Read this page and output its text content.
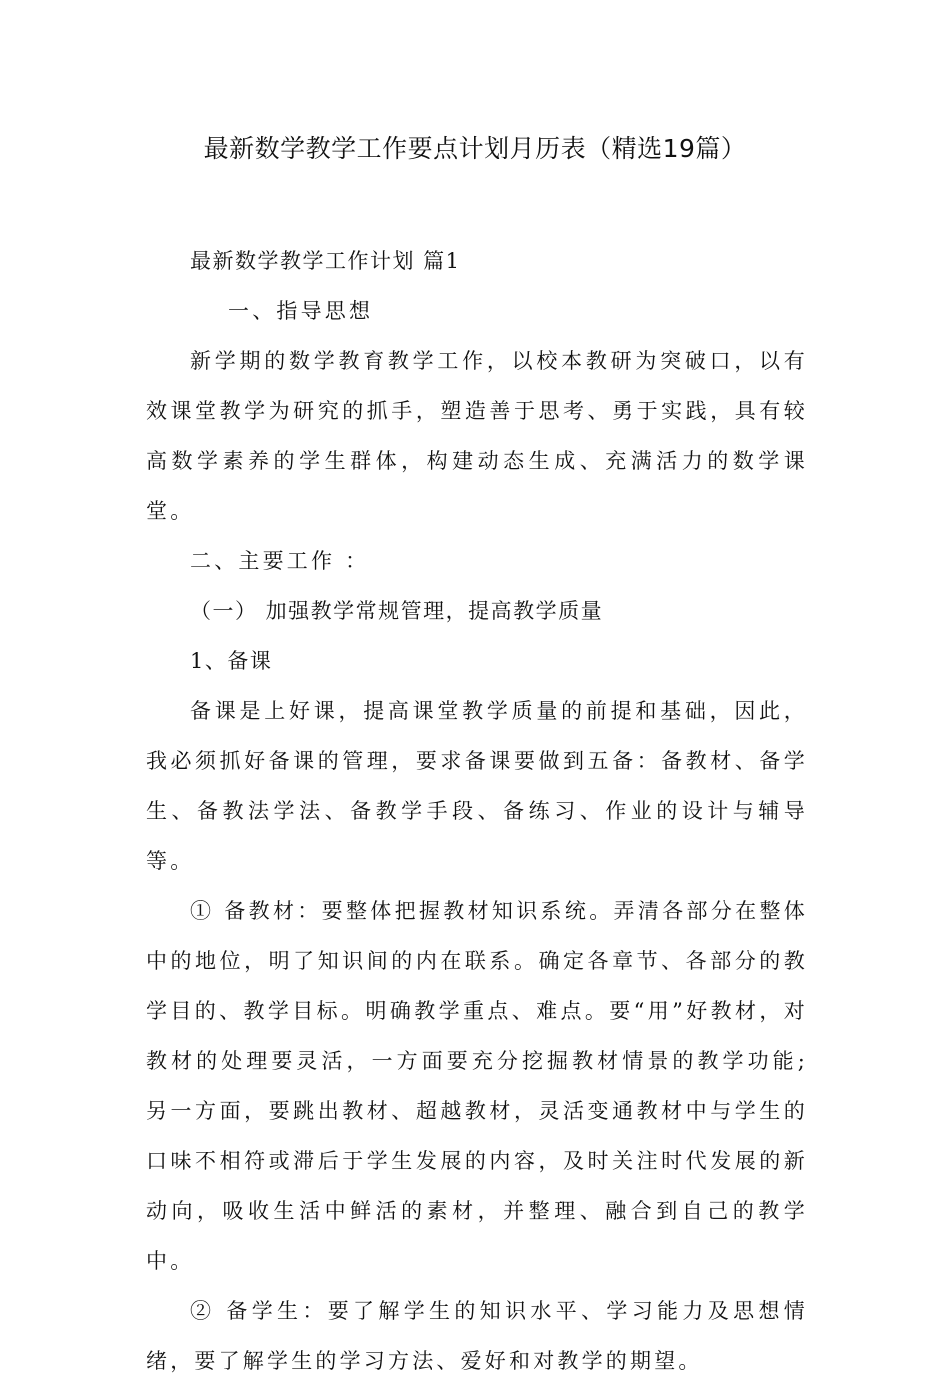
最新数学教学工作要点计划月历表（精选19篇）

最新数学教学工作计划 篇1

一、指导思想

新学期的数学教育教学工作，以校本教研为突破口，以有效课堂教学为研究的抓手，塑造善于思考、勇于实践，具有较高数学素养的学生群体，构建动态生成、充满活力的数学课堂。

二、主要工作 ：

（一） 加强教学常规管理，提高教学质量

1、备课

备课是上好课，提高课堂教学质量的前提和基础，因此，我必须抓好备课的管理，要求备课要做到五备：备教材、备学生、备教法学法、备教学手段、备练习、作业的设计与辅导等。

① 备教材：要整体把握教材知识系统。弄清各部分在整体中的地位，明了知识间的内在联系。确定各章节、各部分的教学目的、教学目标。明确教学重点、难点。要“用”好教材，对教材的处理要灵活，一方面要充分挖掘教材情景的教学功能;另一方面，要跳出教材、超越教材，灵活变通教材中与学生的口味不相符或滞后于学生发展的内容，及时关注时代发展的新动向，吸收生活中鲜活的素材，并整理、融合到自己的教学中。

② 备学生：要了解学生的知识水平、学习能力及思想情绪，要了解学生的学习方法、爱好和对教学的期望。
